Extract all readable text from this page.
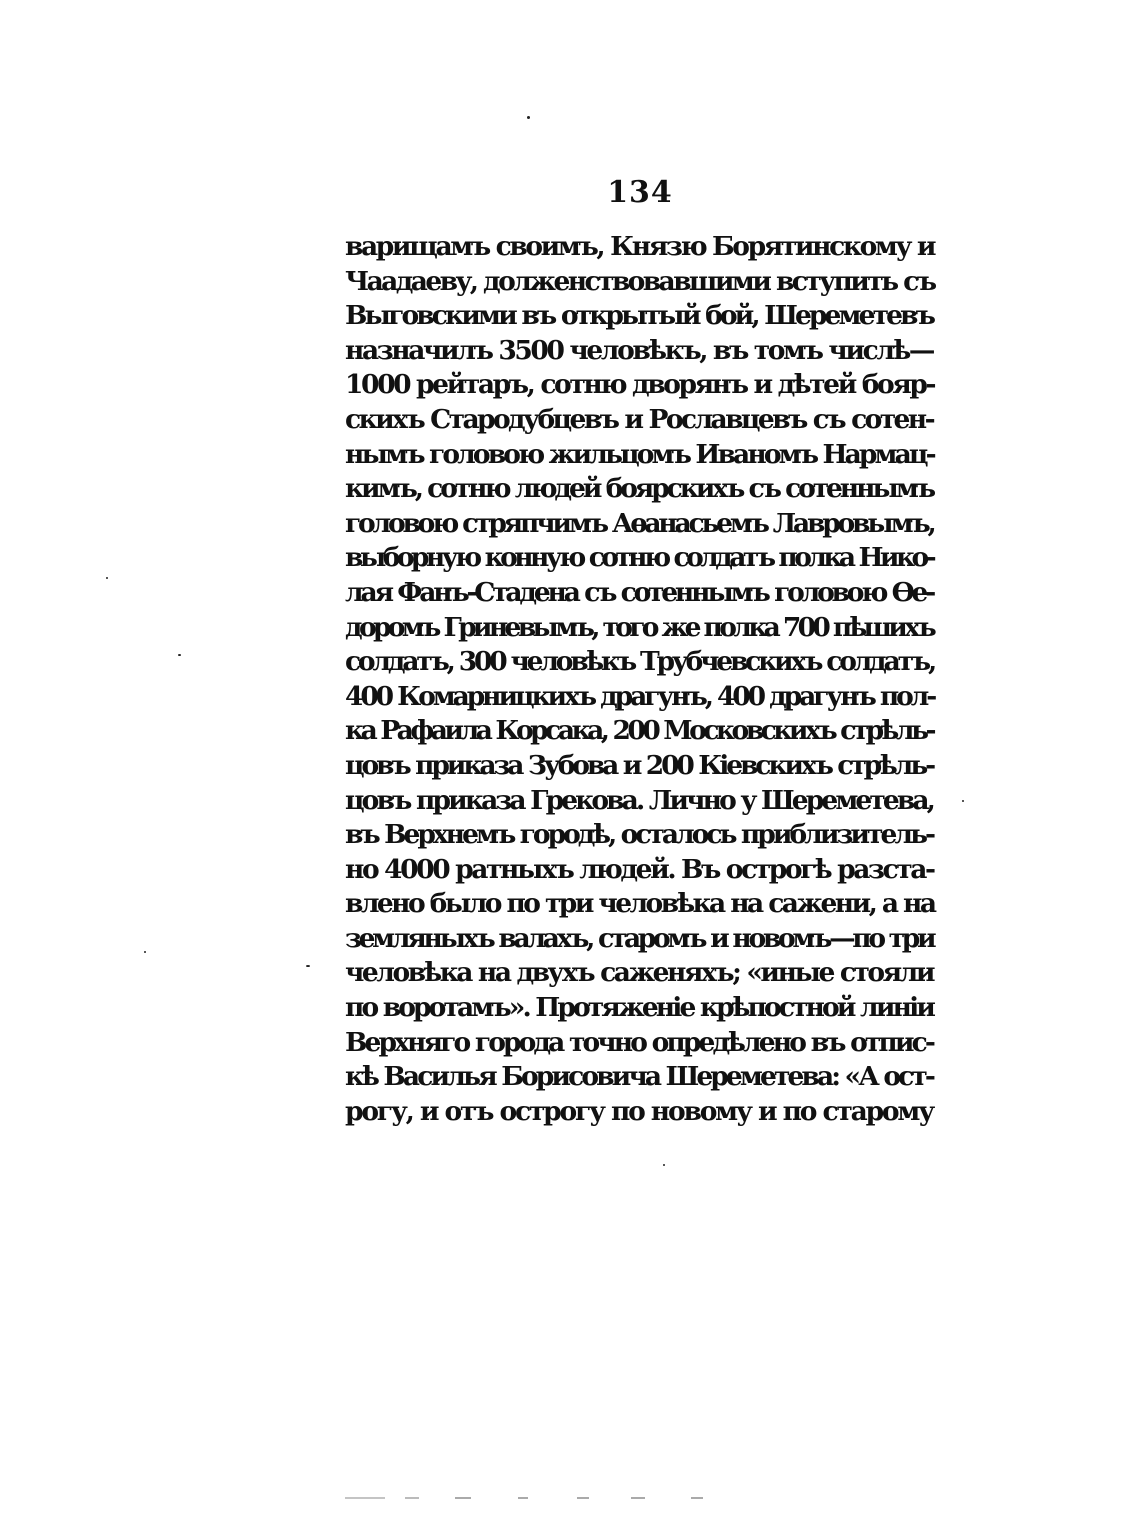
134
варищамъ своимъ, Князю Борятинскому и
Чаадаеву, долженствовавшими вступить съ
Выговскими въ открытый бой, Шереметевъ
назначилъ 3500 человѣкъ, въ томъ числѣ—
1000 рейтаръ, сотню дворянъ и дѣтей бояр-
скихъ Стародубцевъ и Рославцевъ съ сотен-
нымъ головою жильцомъ Иваномъ Нармац-
кимъ, сотню людей боярскихъ съ сотеннымъ
головою стряпчимъ Аѳанасьемъ Лавровымъ,
выборную конную сотню солдатъ полка Нико-
лая Фанъ-Стадена съ сотеннымъ головою Ѳе-
доромъ Гриневымъ, того же полка 700 пѣшихъ
солдатъ, 300 человѣкъ Трубчевскихъ солдатъ,
400 Комарницкихъ драгунъ, 400 драгунъ пол-
ка Рафаила Корсака, 200 Московскихъ стрѣль-
цовъ приказа Зубова и 200 Кіевскихъ стрѣль-
цовъ приказа Грекова. Лично у Шереметева,
въ Верхнемъ городѣ, осталось приблизитель-
но 4000 ратныхъ людей. Въ острогѣ разста-
влено было по три человѣка на сажени, а на
земляныхъ валахъ, старомъ и новомъ—по три
человѣка на двухъ саженяхъ; «иные стояли
по воротамъ». Протяженіе крѣпостной линіи
Верхняго города точно опредѣлено въ отпис-
кѣ Василья Борисовича Шереметева: «А ост-
рогу, и отъ острогу по новому и по старому
